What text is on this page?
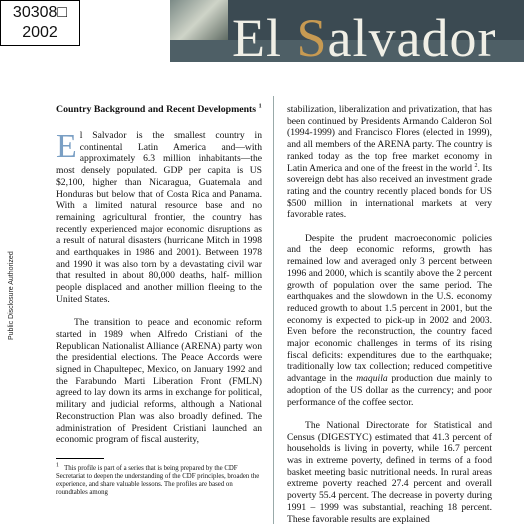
30308□
2002	El Salvador
Public Disclosure Authorized
Country Background and Recent Developments $^1$

El Salvador is the smallest country in continental Latin America and—with approximately 6.3 million inhabitants—the most densely populated. GDP per capita is US $2,100, higher than Nicaragua, Guatemala and Honduras but below that of Costa Rica and Panama. With a limited natural resource base and no remaining agricultural frontier, the country has recently experienced major economic disruptions as a result of natural disasters (hurricane Mitch in 1998 and earthquakes in 1986 and 2001). Between 1978 and 1990 it was also torn by a devastating civil war that resulted in about 80,000 deaths, half- million people displaced and another million fleeing to the United States.

The transition to peace and economic reform started in 1989 when Alfredo Cristiani of the Republican Nationalist Alliance (ARENA) party won the presidential elections. The Peace Accords were signed in Chapultepec, Mexico, on January 1992 and the Farabundo Marti Liberation Front (FMLN) agreed to lay down its arms in exchange for political, military and judicial reforms, although a National Reconstruction Plan was also broadly defined. The administration of President Cristiani launched an economic program of fiscal austerity,

$^1$ This profile is part of a series that is being prepared by the CDF Secretariat to deepen the understanding of the CDF principles, broaden the experience, and share valuable lessons. The profiles are based on roundtables among

stabilization, liberalization and privatization, that has been continued by Presidents Armando Calderon Sol (1994-1999) and Francisco Flores (elected in 1999), and all members of the ARENA party. The country is ranked today as the top free market economy in Latin America and one of the freest in the world $^2$. Its sovereign debt has also received an investment grade rating and the country recently placed bonds for US $500 million in international markets at very favorable rates.

Despite the prudent macroeconomic policies and the deep economic reforms, growth has remained low and averaged only 3 percent between 1996 and 2000, which is scantily above the 2 percent growth of population over the same period. The earthquakes and the slowdown in the U.S. economy reduced growth to about 1.5 percent in 2001, but the economy is expected to pick-up in 2002 and 2003. Even before the reconstruction, the country faced major economic challenges in terms of its rising fiscal deficits: expenditures due to the earthquake; traditionally low tax collection; reduced competitive advantage in the maquila production due mainly to adoption of the US dollar as the currency; and poor performance of the coffee sector.

The National Directorate for Statistical and Census (DIGESTYC) estimated that 41.3 percent of households is living in poverty, while 16.7 percent was in extreme poverty, defined in terms of a food basket meeting basic nutritional needs. In rural areas extreme poverty reached 27.4 percent and overall poverty 55.4 percent. The decrease in poverty during 1991 – 1999 was substantial, reaching 18 percent. These favorable results are explained
